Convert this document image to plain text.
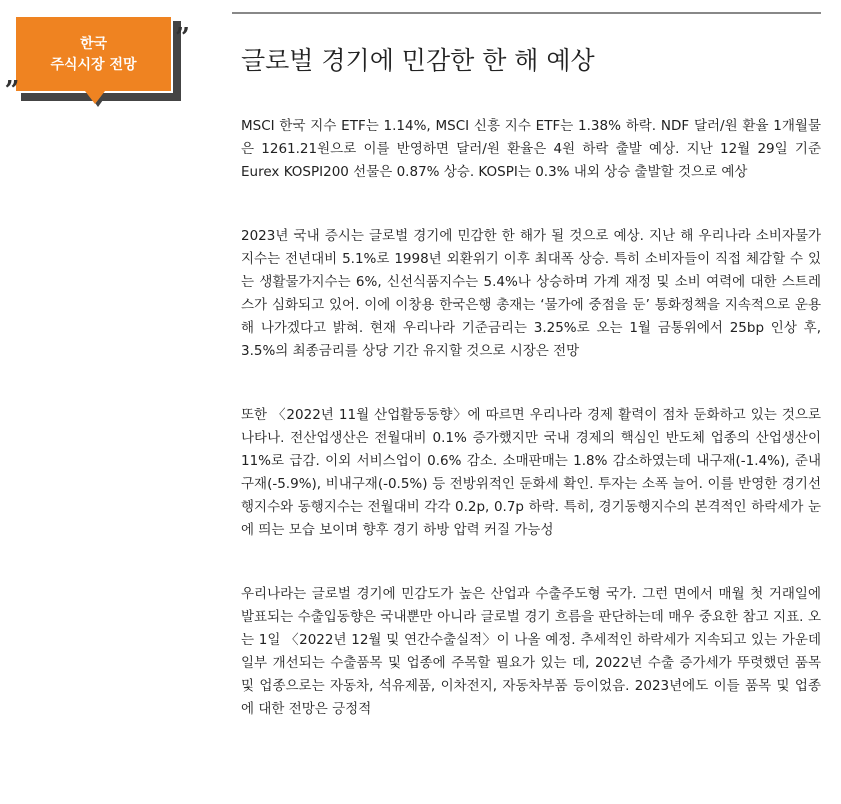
한국
주식시장 전망
„
”
글로벌 경기에 민감한 한 해 예상

MSCI 한국 지수 ETF는 1.14%, MSCI 신흥 지수 ETF는 1.38% 하락. NDF 달러/원 환율 1개월물은 1261.21원으로 이를 반영하면 달러/원 환율은 4원 하락 출발 예상. 지난 12월 29일 기준 Eurex KOSPI200 선물은 0.87% 상승. KOSPI는 0.3% 내외 상승 출발할 것으로 예상

2023년 국내 증시는 글로벌 경기에 민감한 한 해가 될 것으로 예상. 지난 해 우리나라 소비자물가지수는 전년대비 5.1%로 1998년 외환위기 이후 최대폭 상승. 특히 소비자들이 직접 체감할 수 있는 생활물가지수는 6%, 신선식품지수는 5.4%나 상승하며 가계 재정 및 소비 여력에 대한 스트레스가 심화되고 있어. 이에 이창용 한국은행 총재는 ‘물가에 중점을 둔’ 통화정책을 지속적으로 운용해 나가겠다고 밝혀. 현재 우리나라 기준금리는 3.25%로 오는 1월 금통위에서 25bp 인상 후, 3.5%의 최종금리를 상당 기간 유지할 것으로 시장은 전망

또한 〈2022년 11월 산업활동동향〉에 따르면 우리나라 경제 활력이 점차 둔화하고 있는 것으로 나타나. 전산업생산은 전월대비 0.1% 증가했지만 국내 경제의 핵심인 반도체 업종의 산업생산이 11%로 급감. 이외 서비스업이 0.6% 감소. 소매판매는 1.8% 감소하였는데 내구재(-1.4%), 준내구재(-5.9%), 비내구재(-0.5%) 등 전방위적인 둔화세 확인. 투자는 소폭 늘어. 이를 반영한 경기선행지수와 동행지수는 전월대비 각각 0.2p, 0.7p 하락. 특히, 경기동행지수의 본격적인 하락세가 눈에 띄는 모습 보이며 향후 경기 하방 압력 커질 가능성

우리나라는 글로벌 경기에 민감도가 높은 산업과 수출주도형 국가. 그런 면에서 매월 첫 거래일에 발표되는 수출입동향은 국내뿐만 아니라 글로벌 경기 흐름을 판단하는데 매우 중요한 참고 지표. 오는 1일 〈2022년 12월 및 연간수출실적〉이 나올 예정. 추세적인 하락세가 지속되고 있는 가운데 일부 개선되는 수출품목 및 업종에 주목할 필요가 있는 데, 2022년 수출 증가세가 뚜렷했던 품목 및 업종으로는 자동차, 석유제품, 이차전지, 자동차부품 등이었음. 2023년에도 이들 품목 및 업종에 대한 전망은 긍정적
